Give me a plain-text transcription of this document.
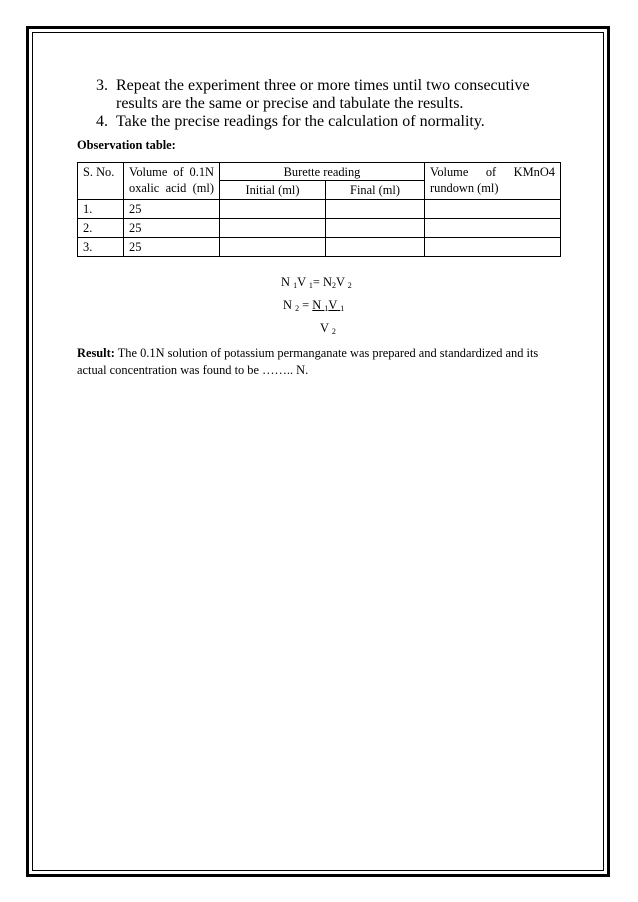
3. Repeat the experiment three or more times until two consecutive results are the same or precise and tabulate the results.
4. Take the precise readings for the calculation of normality.
Observation table:
S. No.	Volume of 0.1N oxalic acid (ml)	Burette reading		Volume of KMnO4 rundown (ml)
		Initial (ml)	Final (ml)	
1.	25			
2.	25			
3.	25			
N $_1$V $_1= N_2V$ $_2$
N $_2$ = N $_1$V $_1$
V $_2$
Result: The 0.1N solution of potassium permanganate was prepared and standardized and its actual concentration was found to be …….. N.
